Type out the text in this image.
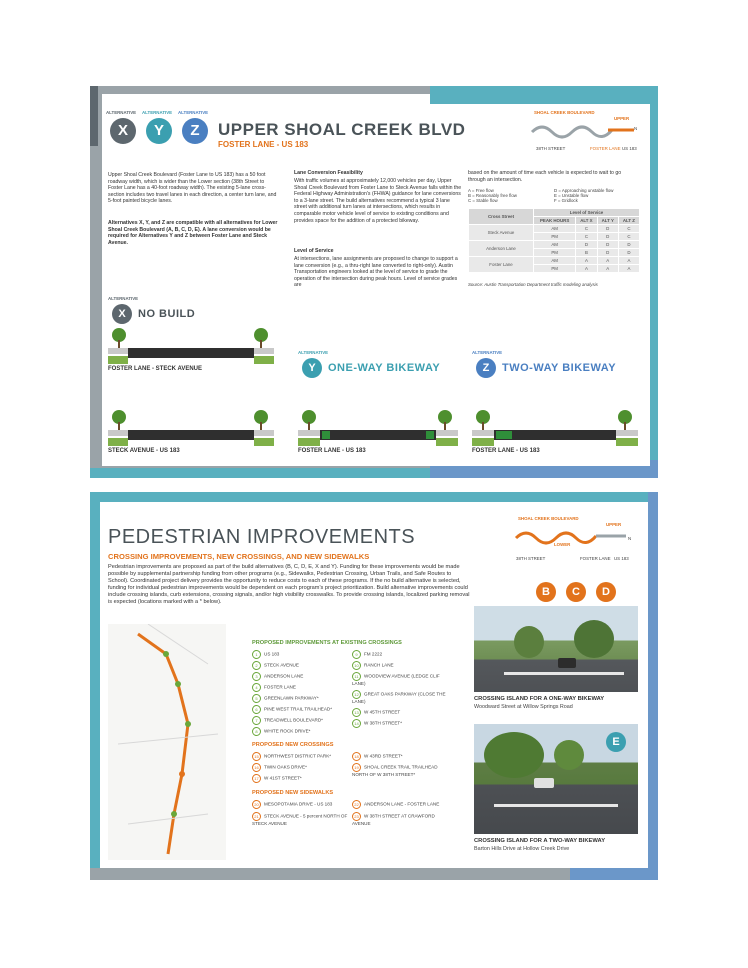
ALTERNATIVE
X
ALTERNATIVE
Y
ALTERNATIVE
Z	UPPER SHOAL CREEK BLVD
FOSTER LANE - US 183
SHOAL CREEK BOULEVARD
UPPER
N
38TH STREET	FOSTER LANE US 183
Upper Shoal Creek Boulevard (Foster Lane to US 183) has a 50 foot roadway width, which is wider than the Lower section (38th Street to Foster Lane has a 40-foot roadway width). The existing 5-lane cross-section includes two travel lanes in each direction, a center turn lane, and 5-foot painted bicycle lanes.
Alternatives X, Y, and Z are compatible with all alternatives for Lower Shoal Creek Boulevard (A, B, C, D, E). A lane conversion would be required for Alternatives Y and Z between Foster Lane and Steck Avenue.
Lane Conversion Feasibility
With traffic volumes at approximately 12,000 vehicles per day, Upper Shoal Creek Boulevard from Foster Lane to Steck Avenue falls within the Federal Highway Administration's (FHWA) guidance for lane conversions to a 3-lane street. The build alternatives recommend a typical 3 lane street with additional turn lanes at intersections, which results in comparable motor vehicle level of service to existing conditions and provides space for the addition of a protected bikeway.
Level of Service
At intersections, lane assignments are proposed to change to support a lane conversion (e.g., a thru-right lane converted to right-only). Austin Transportation engineers looked at the level of service to grade the operation of the intersection during peak hours. Level of service grades are
based on the amount of time each vehicle is expected to wait to go through an intersection.
A = Free flow
B = Reasonably free flow
C = Stable flow
D = Approaching unstable flow
E = Unstable flow
F = Gridlock
Cross Street	Level of Service			
	PEAK HOURS	ALT X	ALT Y	ALT Z
Steck Avenue	AM	C	D	C
	PM	C	D	C
Anderson Lane	AM	D	D	D
	PM	B	D	D
Foster Lane	AM	A	A	A
	PM	A	A	A
Source: Austin Transportation Department traffic modeling analysis
ALTERNATIVE
X	NO BUILD
ALTERNATIVE
Y	ONE-WAY BIKEWAY
ALTERNATIVE
Z	TWO-WAY BIKEWAY
FOSTER LANE - STECK AVENUE
STECK AVENUE - US 183	FOSTER LANE - US 183	FOSTER LANE - US 183
PEDESTRIAN IMPROVEMENTS
CROSSING IMPROVEMENTS, NEW CROSSINGS, AND NEW SIDEWALKS
Pedestrian improvements are proposed as part of the build alternatives (B, C, D, E, X and Y). Funding for these improvements would be made possible by supplemental partnership funding from other programs (e.g., Sidewalks, Pedestrian Crossing, Urban Trails, and Safe Routes to School). Coordinated project delivery provides the opportunity to reduce costs to each of these programs. If the no build alternative is selected, funding for individual pedestrian improvements would be dependent on each program's project prioritization. Build alternative improvements could include crossing islands, curb extensions, crossing signals, and/or high visibility crosswalks. To provide crossing islands, localized parking removal is expected (locations marked with a * below).
SHOAL CREEK BOULEVARD
LOWER
UPPER
N
38TH STREET	FOSTER LANE US 183
B	C	D
PROPOSED IMPROVEMENTS AT EXISTING CROSSINGS
1 US 183
2 STECK AVENUE
3 ANDERSON LANE
4 FOSTER LANE
5 GREENLAWN PARKWAY*
6 PINE WEST TRAIL TRAILHEAD*
7 TREADWELL BOULEVARD*
8 WHITE ROCK DRIVE*
9 FM 2222
10 RANCH LANE
11 WOODVIEW AVENUE (LEDGE CLIF LANE)
12 GREAT OAKS PARKWAY (CLOSE THE LANE)
13 W 45TH STREET
14 W 38TH STREET*
PROPOSED NEW CROSSINGS
15 NORTHWEST DISTRICT PARK*
16 TWIN OAKS DRIVE*
17 W 41ST STREET*
18 W 43RD STREET*
19 SHOAL CREEK TRAIL TRAILHEAD NORTH OF W 38TH STREET*
PROPOSED NEW SIDEWALKS
20 MESOPOTAMIA DRIVE - US 183
21 STECK AVENUE - 5 percent NORTH OF STECK AVENUE
22 ANDERSON LANE - FOSTER LANE
23 W 38TH STREET AT CRAWFORD AVENUE
CROSSING ISLAND FOR A ONE-WAY BIKEWAY
Woodward Street at Willow Springs Road
E
CROSSING ISLAND FOR A TWO-WAY BIKEWAY
Barton Hills Drive at Hollow Creek Drive
